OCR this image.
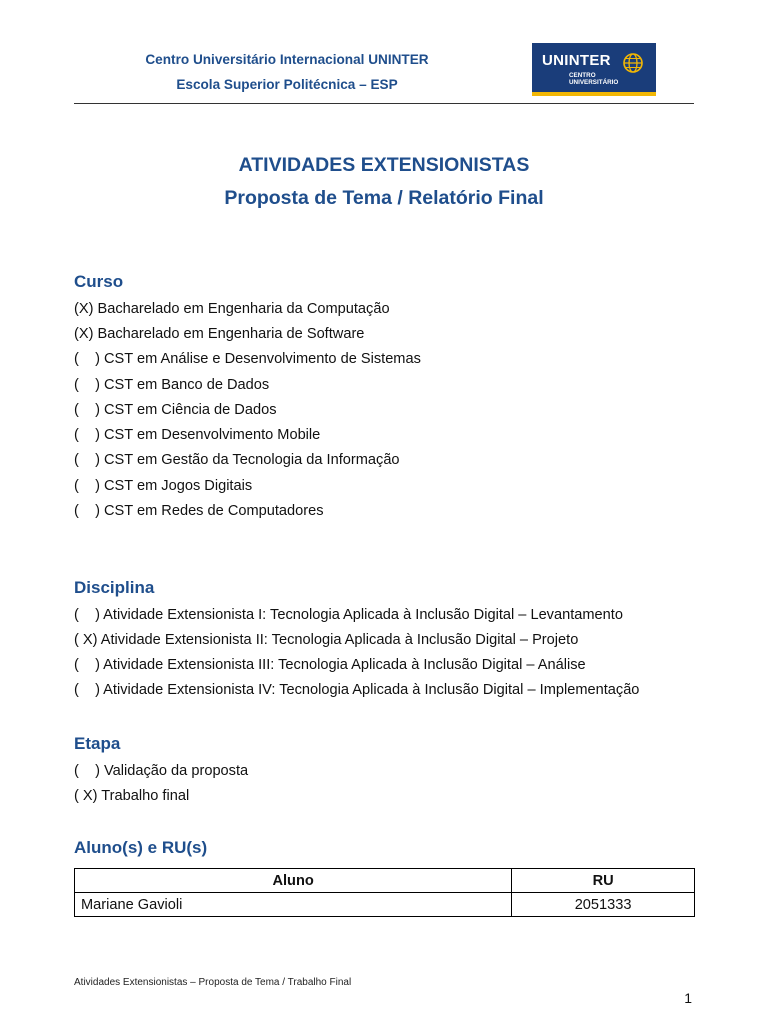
Centro Universitário Internacional UNINTER
Escola Superior Politécnica – ESP
UNINTER
CENTRO
UNIVERSITÁRIO
ATIVIDADES EXTENSIONISTAS
Proposta de Tema / Relatório Final
Curso
(X) Bacharelado em Engenharia da Computação
(X) Bacharelado em Engenharia de Software
(    ) CST em Análise e Desenvolvimento de Sistemas
(    ) CST em Banco de Dados
(    ) CST em Ciência de Dados
(    ) CST em Desenvolvimento Mobile
(    ) CST em Gestão da Tecnologia da Informação
(    ) CST em Jogos Digitais
(    ) CST em Redes de Computadores
Disciplina
(    ) Atividade Extensionista I: Tecnologia Aplicada à Inclusão Digital – Levantamento
( X) Atividade Extensionista II: Tecnologia Aplicada à Inclusão Digital – Projeto
(    ) Atividade Extensionista III: Tecnologia Aplicada à Inclusão Digital – Análise
(    ) Atividade Extensionista IV: Tecnologia Aplicada à Inclusão Digital – Implementação
Etapa
(    ) Validação da proposta
( X) Trabalho final
Aluno(s) e RU(s)
Aluno	RU
Mariane Gavioli	2051333
Atividades Extensionistas – Proposta de Tema / Trabalho Final
1
